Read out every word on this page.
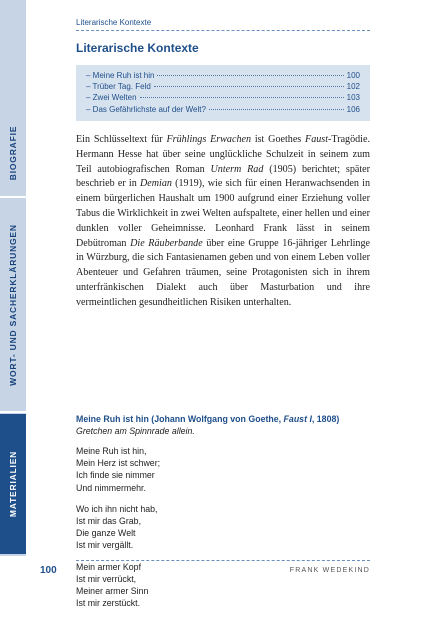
BIOGRAFIE
WORT- UND SACHERKLÄRUNGEN
MATERIALIEN
Literarische Kontexte
Literarische Kontexte
– Meine Ruh ist hin	100
– Trüber Tag. Feld	102
– Zwei Welten	103
– Das Gefährlichste auf der Welt?	106
Ein Schlüsseltext für Frühlings Erwachen ist Goethes Faust-Tragödie. Hermann Hesse hat über seine unglückliche Schulzeit in seinem zum Teil autobiografischen Roman Unterm Rad (1905) berichtet; später beschrieb er in Demian (1919), wie sich für einen Heranwachsenden in einem bürgerlichen Haushalt um 1900 aufgrund einer Erziehung voller Tabus die Wirklichkeit in zwei Welten aufspaltete, einer hellen und einer dunklen voller Geheimnisse. Leonhard Frank lässt in seinem Debütroman Die Räuberbande über eine Gruppe 16-jähriger Lehrlinge in Würzburg, die sich Fantasienamen geben und von einem Leben voller Abenteuer und Gefahren träumen, seine Protagonisten sich in ihrem unterfränkischen Dialekt auch über Masturbation und ihre vermeintlichen gesundheitlichen Risiken unterhalten.
Meine Ruh ist hin (Johann Wolfgang von Goethe, Faust I, 1808)
Gretchen am Spinnrade allein.
Meine Ruh ist hin,
Mein Herz ist schwer;
Ich finde sie nimmer
Und nimmermehr.
Wo ich ihn nicht hab,
Ist mir das Grab,
Die ganze Welt
Ist mir vergällt.
Mein armer Kopf
Ist mir verrückt,
Meiner armer Sinn
Ist mir zerstückt.
100	FRANK WEDEKIND
